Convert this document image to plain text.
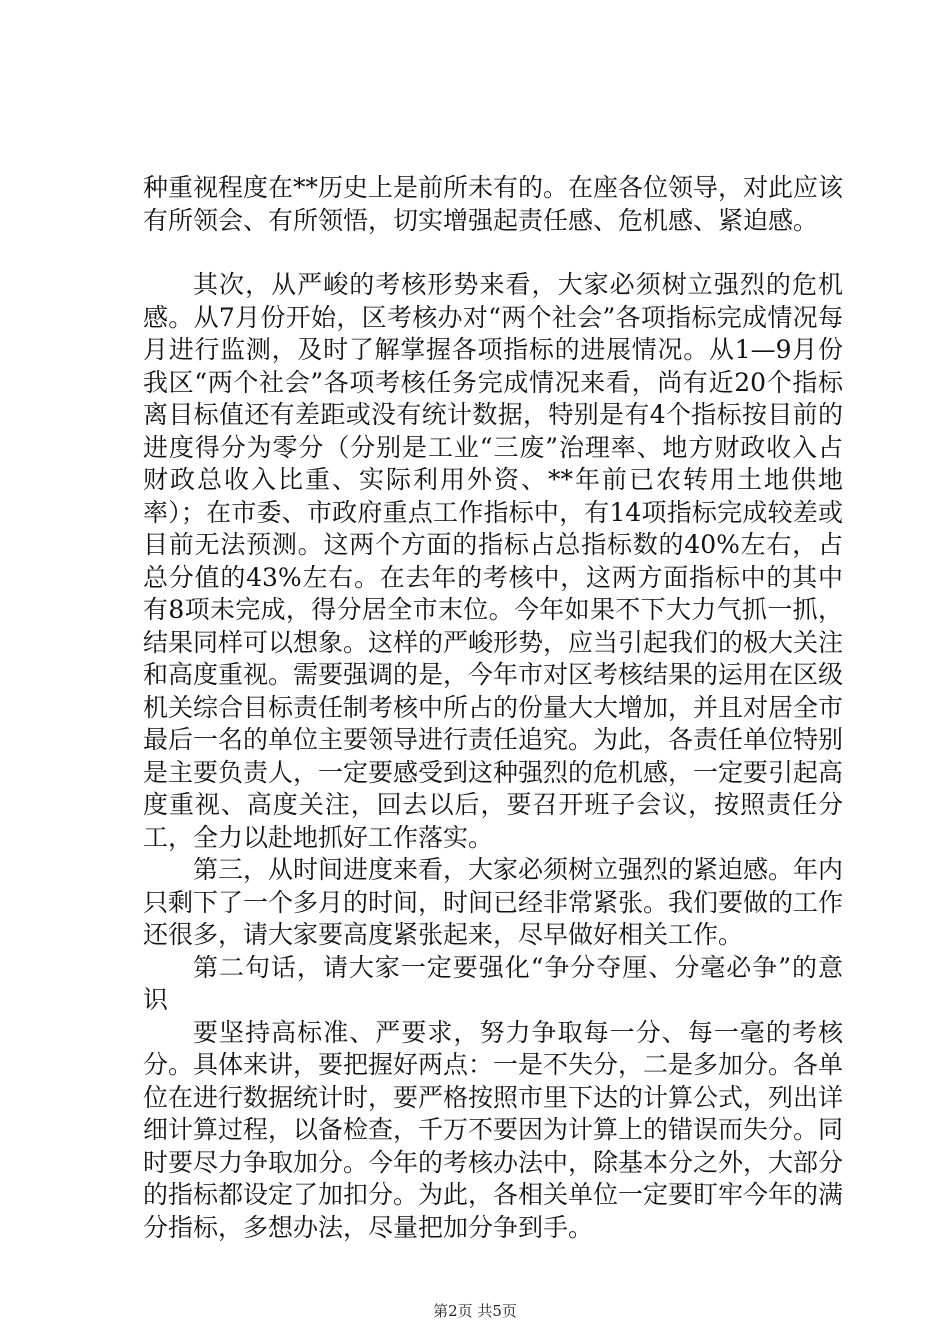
种重视程度在**历史上是前所未有的。在座各位领导，对此应该有所领会、有所领悟，切实增强起责任感、危机感、紧迫感。

其次，从严峻的考核形势来看，大家必须树立强烈的危机感。从7月份开始，区考核办对“两个社会”各项指标完成情况每月进行监测，及时了解掌握各项指标的进展情况。从1—9月份我区“两个社会”各项考核任务完成情况来看，尚有近20个指标离目标值还有差距或没有统计数据，特别是有4个指标按目前的进度得分为零分（分别是工业“三废”治理率、地方财政收入占财政总收入比重、实际利用外资、**年前已农转用土地供地率）；在市委、市政府重点工作指标中，有14项指标完成较差或目前无法预测。这两个方面的指标占总指标数的40%左右，占总分值的43%左右。在去年的考核中，这两方面指标中的其中有8项未完成，得分居全市末位。今年如果不下大力气抓一抓，结果同样可以想象。这样的严峻形势，应当引起我们的极大关注和高度重视。需要强调的是，今年市对区考核结果的运用在区级机关综合目标责任制考核中所占的份量大大增加，并且对居全市最后一名的单位主要领导进行责任追究。为此，各责任单位特别是主要负责人，一定要感受到这种强烈的危机感，一定要引起高度重视、高度关注，回去以后，要召开班子会议，按照责任分工，全力以赴地抓好工作落实。

第三，从时间进度来看，大家必须树立强烈的紧迫感。年内只剩下了一个多月的时间，时间已经非常紧张。我们要做的工作还很多，请大家要高度紧张起来，尽早做好相关工作。

第二句话，请大家一定要强化“争分夺厘、分毫必争”的意识

要坚持高标准、严要求，努力争取每一分、每一毫的考核分。具体来讲，要把握好两点：一是不失分，二是多加分。各单位在进行数据统计时，要严格按照市里下达的计算公式，列出详细计算过程，以备检查，千万不要因为计算上的错误而失分。同时要尽力争取加分。今年的考核办法中，除基本分之外，大部分的指标都设定了加扣分。为此，各相关单位一定要盯牢今年的满分指标，多想办法，尽量把加分争到手。

第2页 共5页
